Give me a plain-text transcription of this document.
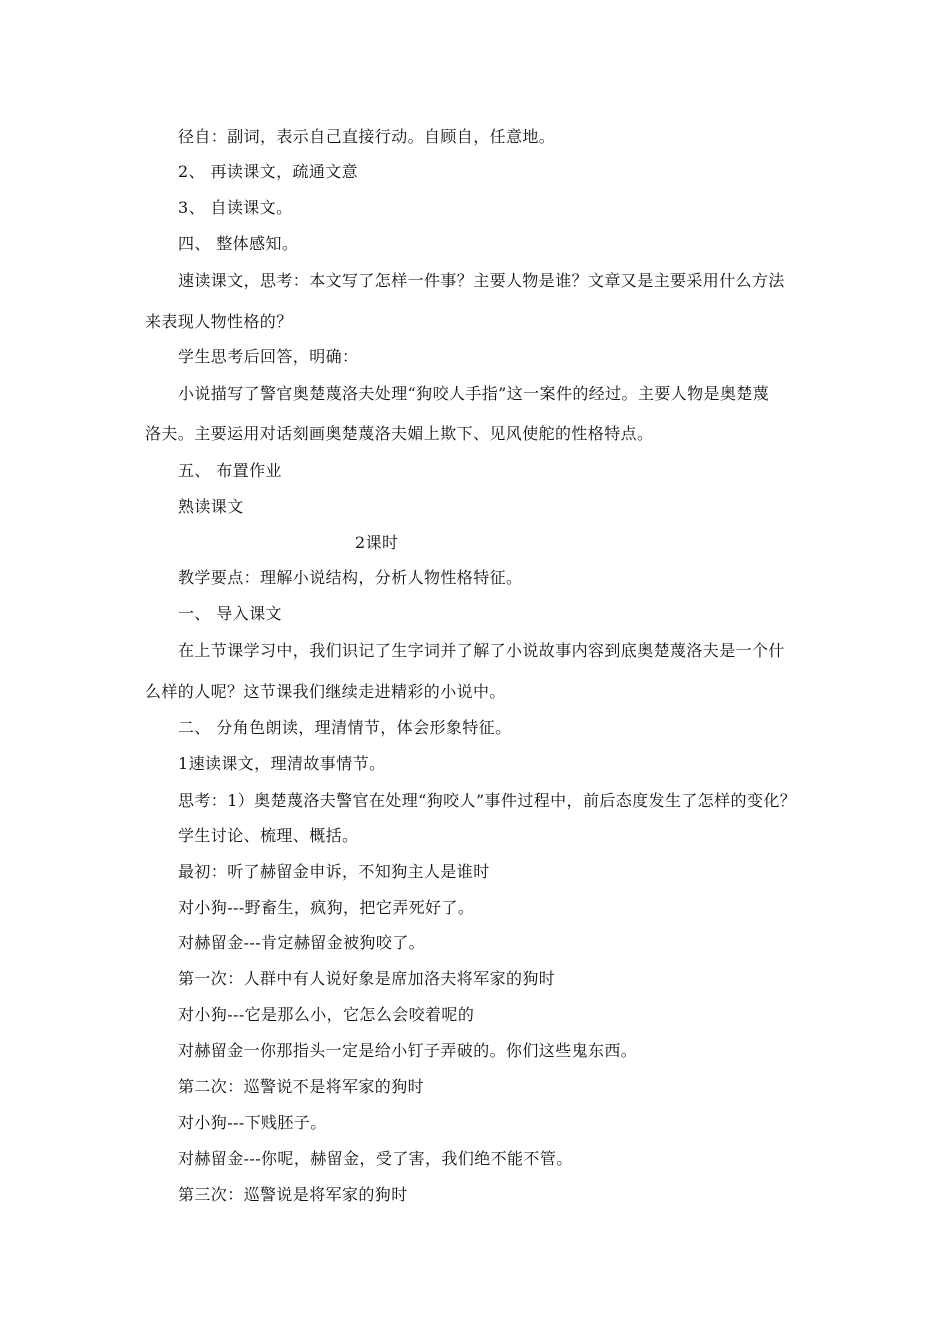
径自：副词，表示自己直接行动。自顾自，任意地。
2、 再读课文，疏通文意
3、 自读课文。
四、 整体感知。
速读课文，思考：本文写了怎样一件事？主要人物是谁？文章又是主要采用什么方法
来表现人物性格的？
学生思考后回答，明确：
小说描写了警官奥楚蔑洛夫处理“狗咬人手指”这一案件的经过。主要人物是奥楚蔑
洛夫。主要运用对话刻画奥楚蔑洛夫媚上欺下、见风使舵的性格特点。
五、 布置作业
熟读课文
2课时
教学要点：理解小说结构，分析人物性格特征。
一、 导入课文
在上节课学习中，我们识记了生字词并了解了小说故事内容到底奥楚蔑洛夫是一个什
么样的人呢？这节课我们继续走进精彩的小说中。
二、 分角色朗读，理清情节，体会形象特征。
1速读课文，理清故事情节。
思考：1）奥楚蔑洛夫警官在处理“狗咬人”事件过程中，前后态度发生了怎样的变化？
学生讨论、梳理、概括。
最初：听了赫留金申诉，不知狗主人是谁时
对小狗---野畜生，疯狗，把它弄死好了。
对赫留金---肯定赫留金被狗咬了。
第一次：人群中有人说好象是席加洛夫将军家的狗时
对小狗---它是那么小，它怎么会咬着呢的
对赫留金一你那指头一定是给小钉子弄破的。你们这些鬼东西。
第二次：巡警说不是将军家的狗时
对小狗---下贱胚子。
对赫留金---你呢，赫留金，受了害，我们绝不能不管。
第三次：巡警说是将军家的狗时
